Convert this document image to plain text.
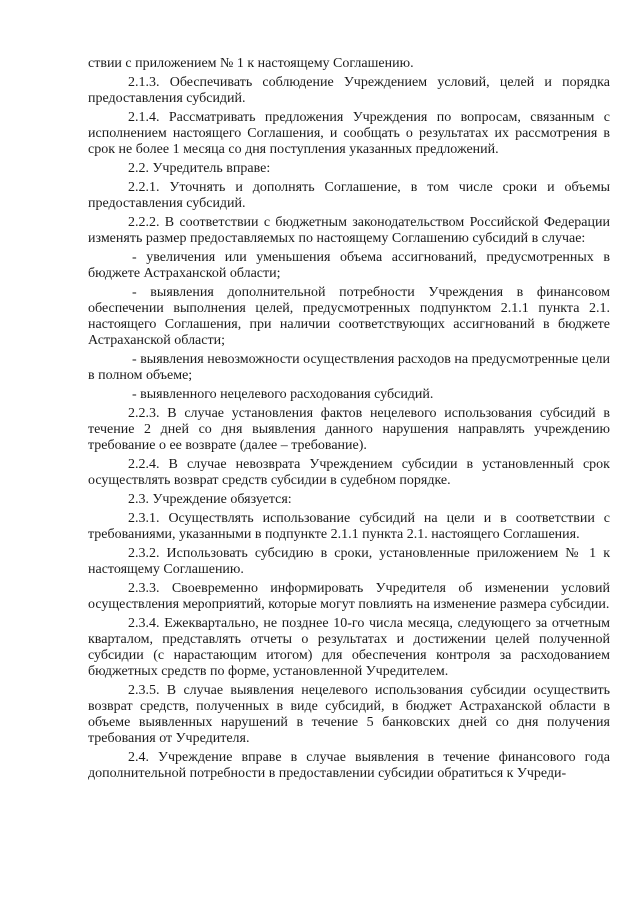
ствии с приложением № 1 к настоящему Соглашению.

2.1.3. Обеспечивать соблюдение Учреждением условий, целей и порядка предоставления субсидий.

2.1.4. Рассматривать предложения Учреждения по вопросам, связанным с исполнением настоящего Соглашения, и сообщать о результатах их рассмотрения в срок не более 1 месяца со дня поступления указанных предложений.

2.2. Учредитель вправе:

2.2.1. Уточнять и дополнять Соглашение, в том числе сроки и объемы предоставления субсидий.

2.2.2. В соответствии с бюджетным законодательством Российской Федерации изменять размер предоставляемых по настоящему Соглашению субсидий в случае:

- увеличения или уменьшения объема ассигнований, предусмотренных в бюджете Астраханской области;

- выявления дополнительной потребности Учреждения в финансовом обеспечении выполнения целей, предусмотренных подпунктом 2.1.1 пункта 2.1. настоящего Соглашения, при наличии соответствующих ассигнований в бюджете Астраханской области;

- выявления невозможности осуществления расходов на предусмотренные цели в полном объеме;

- выявленного нецелевого расходования субсидий.

2.2.3. В случае установления фактов нецелевого использования субсидий в течение 2 дней со дня выявления данного нарушения направлять учреждению требование о ее возврате (далее – требование).

2.2.4. В случае невозврата Учреждением субсидии в установленный срок осуществлять возврат средств субсидии в судебном порядке.

2.3. Учреждение обязуется:

2.3.1. Осуществлять использование субсидий на цели и в соответствии с требованиями, указанными в подпункте 2.1.1 пункта 2.1. настоящего Соглашения.

2.3.2. Использовать субсидию в сроки, установленные приложением № 1 к настоящему Соглашению.

2.3.3. Своевременно информировать Учредителя об изменении условий осуществления мероприятий, которые могут повлиять на изменение размера субсидии.

2.3.4. Ежеквартально, не позднее 10-го числа месяца, следующего за отчетным кварталом, представлять отчеты о результатах и достижении целей полученной субсидии (с нарастающим итогом) для обеспечения контроля за расходованием бюджетных средств по форме, установленной Учредителем.

2.3.5. В случае выявления нецелевого использования субсидии осуществить возврат средств, полученных в виде субсидий, в бюджет Астраханской области в объеме выявленных нарушений в течение 5 банковских дней со дня получения требования от Учредителя.

2.4. Учреждение вправе в случае выявления в течение финансового года дополнительной потребности в предоставлении субсидии обратиться к Учреди-
